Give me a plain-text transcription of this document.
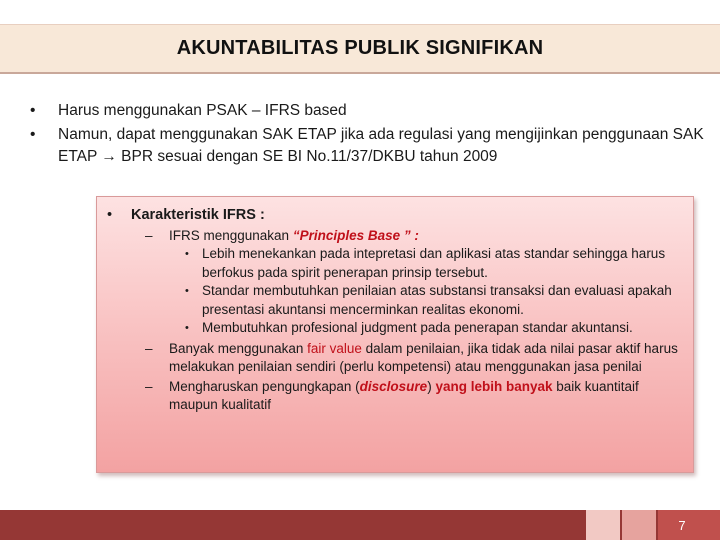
AKUNTABILITAS PUBLIK SIGNIFIKAN
• Harus menggunakan PSAK – IFRS based
• Namun, dapat menggunakan SAK ETAP jika ada regulasi yang mengijinkan penggunaan SAK ETAP → BPR sesuai dengan SE BI No.11/37/DKBU tahun 2009
• Karakteristik IFRS :
– IFRS menggunakan “Principles Base ” :
• Lebih menekankan pada intepretasi dan aplikasi atas standar sehingga harus berfokus pada spirit penerapan prinsip tersebut.
• Standar membutuhkan penilaian atas substansi transaksi dan evaluasi apakah presentasi akuntansi mencerminkan realitas ekonomi.
• Membutuhkan profesional judgment pada penerapan standar akuntansi.
– Banyak menggunakan fair value dalam penilaian, jika tidak ada nilai pasar aktif harus melakukan penilaian sendiri (perlu kompetensi) atau menggunakan jasa penilai
– Mengharuskan pengungkapan (disclosure) yang lebih banyak baik kuantitaif maupun kualitatif
7
